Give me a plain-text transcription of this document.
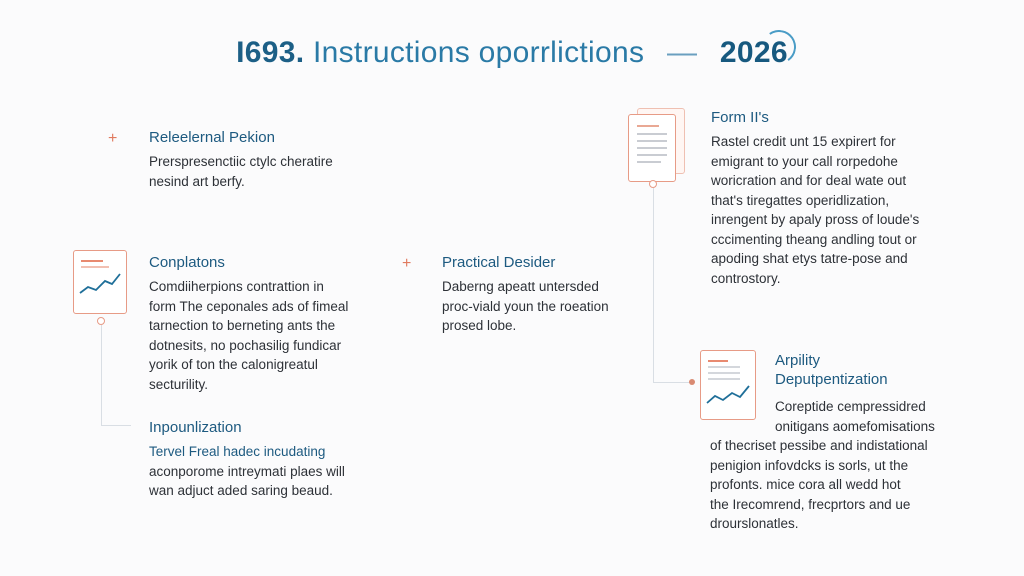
I693. Instructions oporrlictions — 2026
+ Releelernal Pekion
Prerspresenctiic ctylc cheratire
nesind art berfy.
Conplatons
Comdiiherpions contrattion in
form The ceponales ads of fimeal
tarnection to berneting ants the
dotnesits, no pochasilig fundicar
yorik of ton the calonigreatul
secturility.
Inpounlization
Tervel Freal hadec incudating
aconporome intreymati plaes will
wan adjuct aded saring beaud.
+ Practical Desider
Daberng apeatt untersded
proc-viald youn the roeation
prosed lobe.
Form II's
Rastel credit unt 15 expirert for
emigrant to your call rorpedohe
woricration and for deal wate out
that's tiregattes operidlization,
inrengent by apaly pross of loude's
cccimenting theang andling tout or
apoding shat etys tatre-pose and
controstory.
Arpility
Deputpentization
Coreptide cempressidred
onitigans aomefomisations
of thecriset pessibe and indistational
penigion infovdcks is sorls, ut the
profonts. mice cora all wedd hot
the Irecomrend, frecprtors and ue
drourslonatles.
